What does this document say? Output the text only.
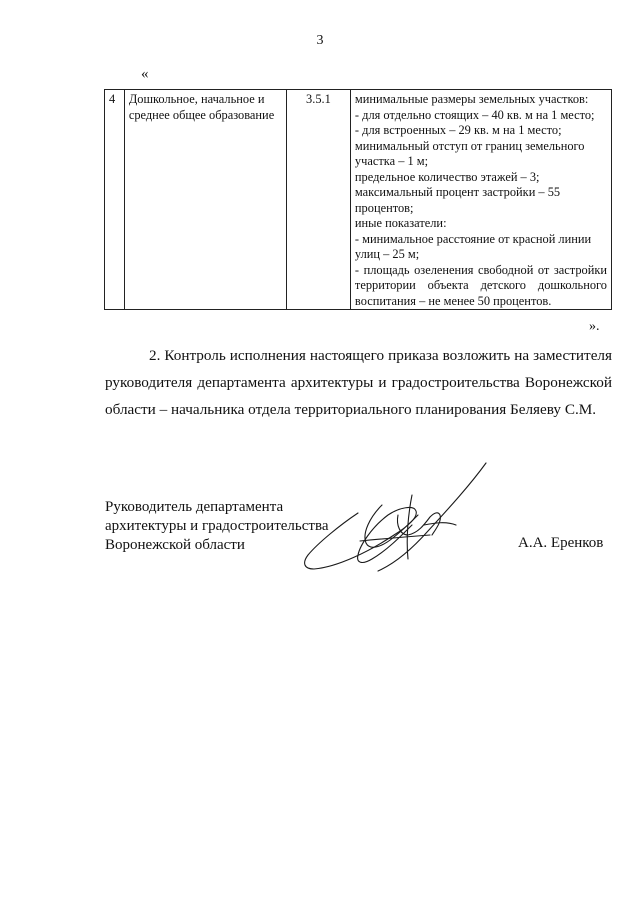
3
«
4	Дошкольное, начальное и среднее общее образование	3.5.1	минимальные размеры земельных участков:
- для отдельно стоящих – 40 кв. м на 1 место;
- для встроенных – 29 кв. м на 1 место;
минимальный отступ от границ земельного участка – 1 м;
предельное количество этажей – 3;
максимальный процент застройки – 55 процентов;
иные показатели:
- минимальное расстояние от красной линии улиц – 25 м;
- площадь озеленения свободной от застройки территории объекта детского дошкольного воспитания – не менее 50 процентов.
».
2. Контроль исполнения настоящего приказа возложить на заместителя руководителя департамента архитектуры и градостроительства Воронежской области – начальника отдела территориального планирования Беляеву С.М.
Руководитель департамента
архитектуры и градостроительства
Воронежской области	А.А. Еренков
